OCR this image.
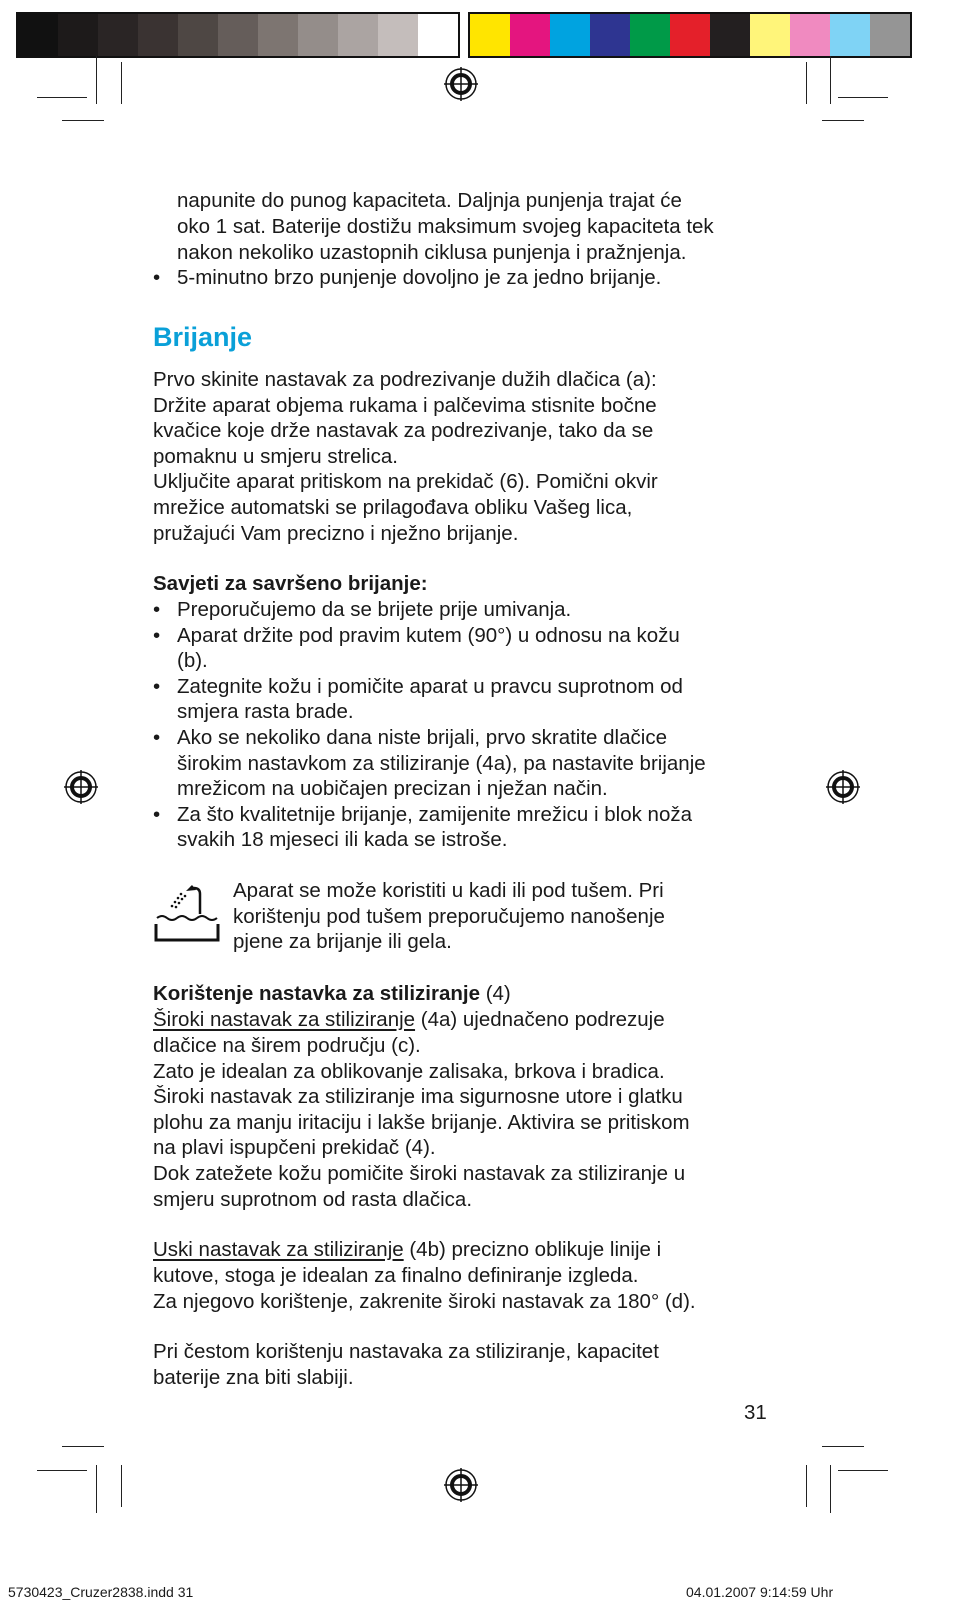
napunite do punog kapaciteta. Daljnja punjenja trajat će
oko 1 sat. Baterije dostižu maksimum svojeg kapaciteta tek
nakon nekoliko uzastopnih ciklusa punjenja i pražnjenja.
• 5-minutno brzo punjenje dovoljno je za jedno brijanje.
Brijanje
Prvo skinite nastavak za podrezivanje dužih dlačica (a):
Držite aparat objema rukama i palčevima stisnite bočne
kvačice koje drže nastavak za podrezivanje, tako da se
pomaknu u smjeru strelica.
Uključite aparat pritiskom na prekidač (6). Pomični okvir
mrežice automatski se prilagođava obliku Vašeg lica,
pružajući Vam precizno i nježno brijanje.
Savjeti za savršeno brijanje:
• Preporučujemo da se brijete prije umivanja.
• Aparat držite pod pravim kutem (90°) u odnosu na kožu
(b).
• Zategnite kožu i pomičite aparat u pravcu suprotnom od
smjera rasta brade.
• Ako se nekoliko dana niste brijali, prvo skratite dlačice
širokim nastavkom za stiliziranje (4a), pa nastavite brijanje
mrežicom na uobičajen precizan i nježan način.
• Za što kvalitetnije brijanje, zamijenite mrežicu i blok noža
svakih 18 mjeseci ili kada se istroše.
Aparat se može koristiti u kadi ili pod tušem. Pri
korištenju pod tušem preporučujemo nanošenje
pjene za brijanje ili gela.
Korištenje nastavka za stiliziranje (4)
Široki nastavak za stiliziranje (4a) ujednačeno podrezuje
dlačice na širem području (c).
Zato je idealan za oblikovanje zalisaka, brkova i bradica.
Široki nastavak za stiliziranje ima sigurnosne utore i glatku
plohu za manju iritaciju i lakše brijanje. Aktivira se pritiskom
na plavi ispupčeni prekidač (4).
Dok zatežete kožu pomičite široki nastavak za stiliziranje u
smjeru suprotnom od rasta dlačica.
Uski nastavak za stiliziranje (4b) precizno oblikuje linije i
kutove, stoga je idealan za finalno definiranje izgleda.
Za njegovo korištenje, zakrenite široki nastavak za 180° (d).
Pri čestom korištenju nastavaka za stiliziranje, kapacitet
baterije zna biti slabiji.
31
5730423_Cruzer2838.indd 31	04.01.2007 9:14:59 Uhr
